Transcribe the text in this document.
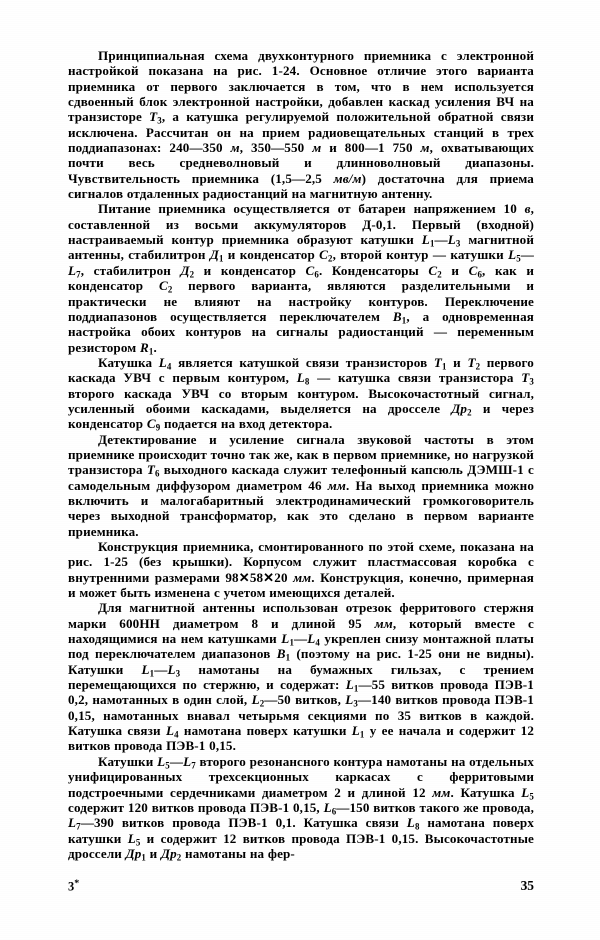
Принципиальная схема двухконтурного приемника с электронной настройкой показана на рис. 1-24. Основное отличие этого варианта приемника от первого заключается в том, что в нем используется сдвоенный блок электронной настройки, добавлен каскад усиления ВЧ на транзисторе $Т_3$, а катушка регулируемой положительной обратной связи исключена. Рассчитан он на прием радиовещательных станций в трех поддиапазонах: 240—350 м, 350—550 м и 800—1 750 м, охватывающих почти весь средневолновый и длинноволновый диапазоны. Чувствительность приемника (1,5—2,5 мв/м) достаточна для приема сигналов отдаленных радиостанций на магнитную антенну.

Питание приемника осуществляется от батареи напряжением 10 в, составленной из восьми аккумуляторов Д-0,1. Первый (входной) настраиваемый контур приемника образуют катушки $L_1—L_3$ магнитной антенны, стабилитрон $Д_1$ и конденсатор $C_2$, второй контур — катушки $L_5—L_7$, стабилитрон $Д_2$ и конденсатор $C_6$. Конденсаторы $C_2$ и $C_6$, как и конденсатор $C_2$ первого варианта, являются разделительными и практически не влияют на настройку контуров. Переключение поддиапазонов осуществляется переключателем $В_1$, а одновременная настройка обоих контуров на сигналы радиостанций — переменным резистором $R_1$.

Катушка $L_4$ является катушкой связи транзисторов $Т_1$ и $Т_2$ первого каскада УВЧ с первым контуром, $L_8$ — катушка связи транзистора $Т_3$ второго каскада УВЧ со вторым контуром. Высокочастотный сигнал, усиленный обоими каскадами, выделяется на дросселе $Др_2$ и через конденсатор $C_9$ подается на вход детектора.

Детектирование и усиление сигнала звуковой частоты в этом приемнике происходит точно так же, как в первом приемнике, но нагрузкой транзистора $Т_6$ выходного каскада служит телефонный капсюль ДЭМШ-1 с самодельным диффузором диаметром 46 мм. На выход приемника можно включить и малогабаритный электродинамический громкоговоритель через выходной трансформатор, как это сделано в первом варианте приемника.

Конструкция приемника, смонтированного по этой схеме, показана на рис. 1-25 (без крышки). Корпусом служит пластмассовая коробка с внутренними размерами 98✕58✕20 мм. Конструкция, конечно, примерная и может быть изменена с учетом имеющихся деталей.

Для магнитной антенны использован отрезок ферритового стержня марки 600НН диаметром 8 и длиной 95 мм, который вместе с находящимися на нем катушками $L_1—L_4$ укреплен снизу монтажной платы под переключателем диапазонов $В_1$ (поэтому на рис. 1-25 они не видны). Катушки $L_1—L_3$ намотаны на бумажных гильзах, с трением перемещающихся по стержню, и содержат: $L_1—55$ витков провода ПЭВ-1 0,2, намотанных в один слой, $L_2—50$ витков, $L_3—140$ витков провода ПЭВ-1 0,15, намотанных внавал четырьмя секциями по 35 витков в каждой. Катушка связи $L_4$ намотана поверх катушки $L_1$ у ее начала и содержит 12 витков провода ПЭВ-1 0,15.

Катушки $L_5—L_7$ второго резонансного контура намотаны на отдельных унифицированных трехсекционных каркасах с ферритовыми подстроечными сердечниками диаметром 2 и длиной 12 мм. Катушка $L_5$ содержит 120 витков провода ПЭВ-1 0,15, $L_6—150$ витков такого же провода, $L_7—390$ витков провода ПЭВ-1 0,1. Катушка связи $L_8$ намотана поверх катушки $L_5$ и содержит 12 витков провода ПЭВ-1 0,15. Высокочастотные дроссели $Др_1$ и $Др_2$ намотаны на фер-

3*	35
